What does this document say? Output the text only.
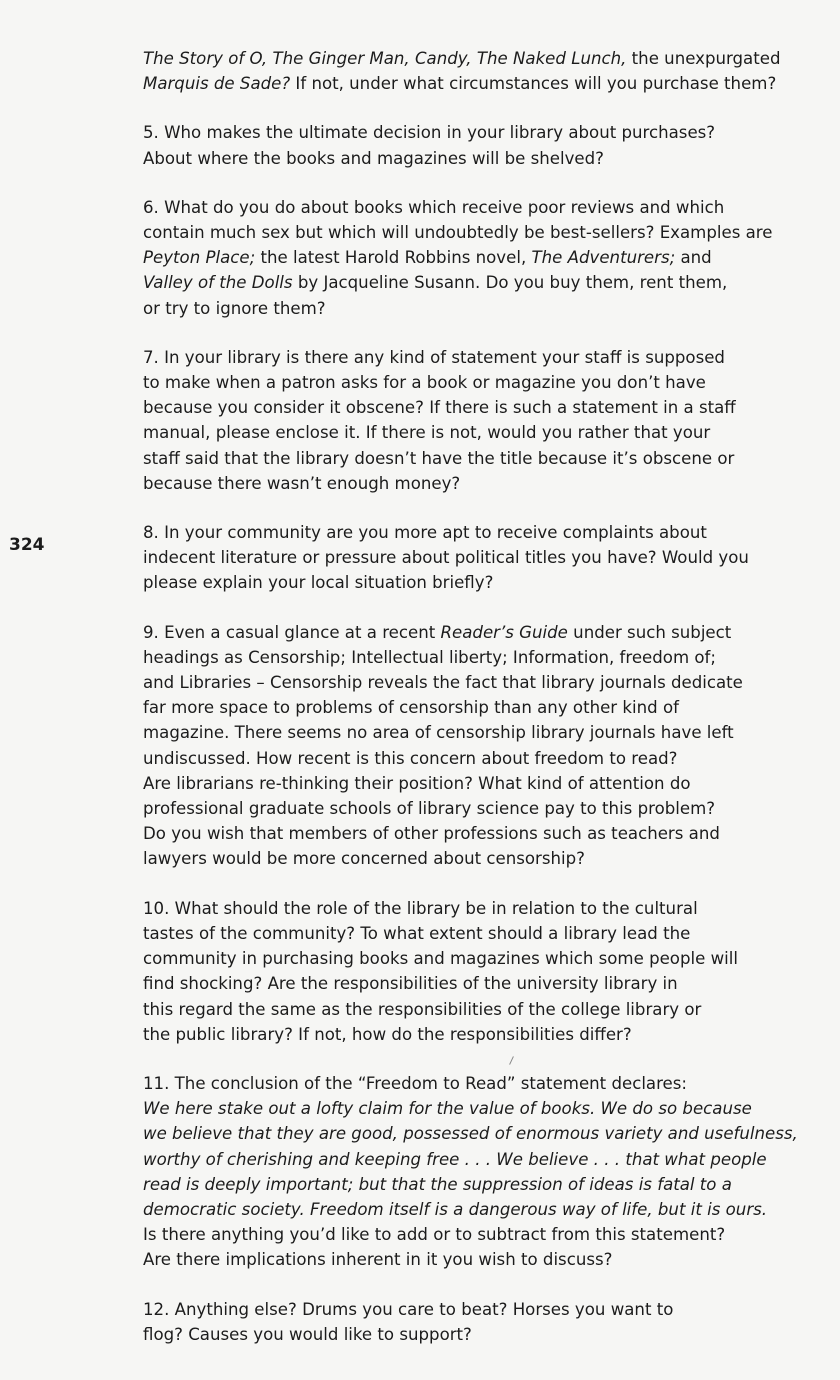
324
The Story of O, The Ginger Man, Candy, The Naked Lunch, the unexpurgated
Marquis de Sade? If not, under what circumstances will you purchase them?
5. Who makes the ultimate decision in your library about purchases?
About where the books and magazines will be shelved?
6. What do you do about books which receive poor reviews and which
contain much sex but which will undoubtedly be best-sellers? Examples are
Peyton Place; the latest Harold Robbins novel, The Adventurers; and
Valley of the Dolls by Jacqueline Susann. Do you buy them, rent them,
or try to ignore them?
7. In your library is there any kind of statement your staff is supposed
to make when a patron asks for a book or magazine you don’t have
because you consider it obscene? If there is such a statement in a staff
manual, please enclose it. If there is not, would you rather that your
staff said that the library doesn’t have the title because it’s obscene or
because there wasn’t enough money?
8. In your community are you more apt to receive complaints about
indecent literature or pressure about political titles you have? Would you
please explain your local situation briefly?
9. Even a casual glance at a recent Reader’s Guide under such subject
headings as Censorship; Intellectual liberty; Information, freedom of;
and Libraries – Censorship reveals the fact that library journals dedicate
far more space to problems of censorship than any other kind of
magazine. There seems no area of censorship library journals have left
undiscussed. How recent is this concern about freedom to read?
Are librarians re-thinking their position? What kind of attention do
professional graduate schools of library science pay to this problem?
Do you wish that members of other professions such as teachers and
lawyers would be more concerned about censorship?
10. What should the role of the library be in relation to the cultural
tastes of the community? To what extent should a library lead the
community in purchasing books and magazines which some people will
find shocking? Are the responsibilities of the university library in
this regard the same as the responsibilities of the college library or
the public library? If not, how do the responsibilities differ?
11. The conclusion of the “Freedom to Read” statement declares:
We here stake out a lofty claim for the value of books. We do so because
we believe that they are good, possessed of enormous variety and usefulness,
worthy of cherishing and keeping free . . . We believe . . . that what people
read is deeply important; but that the suppression of ideas is fatal to a
democratic society. Freedom itself is a dangerous way of life, but it is ours.
Is there anything you’d like to add or to subtract from this statement?
Are there implications inherent in it you wish to discuss?
12. Anything else? Drums you care to beat? Horses you want to
flog? Causes you would like to support?
